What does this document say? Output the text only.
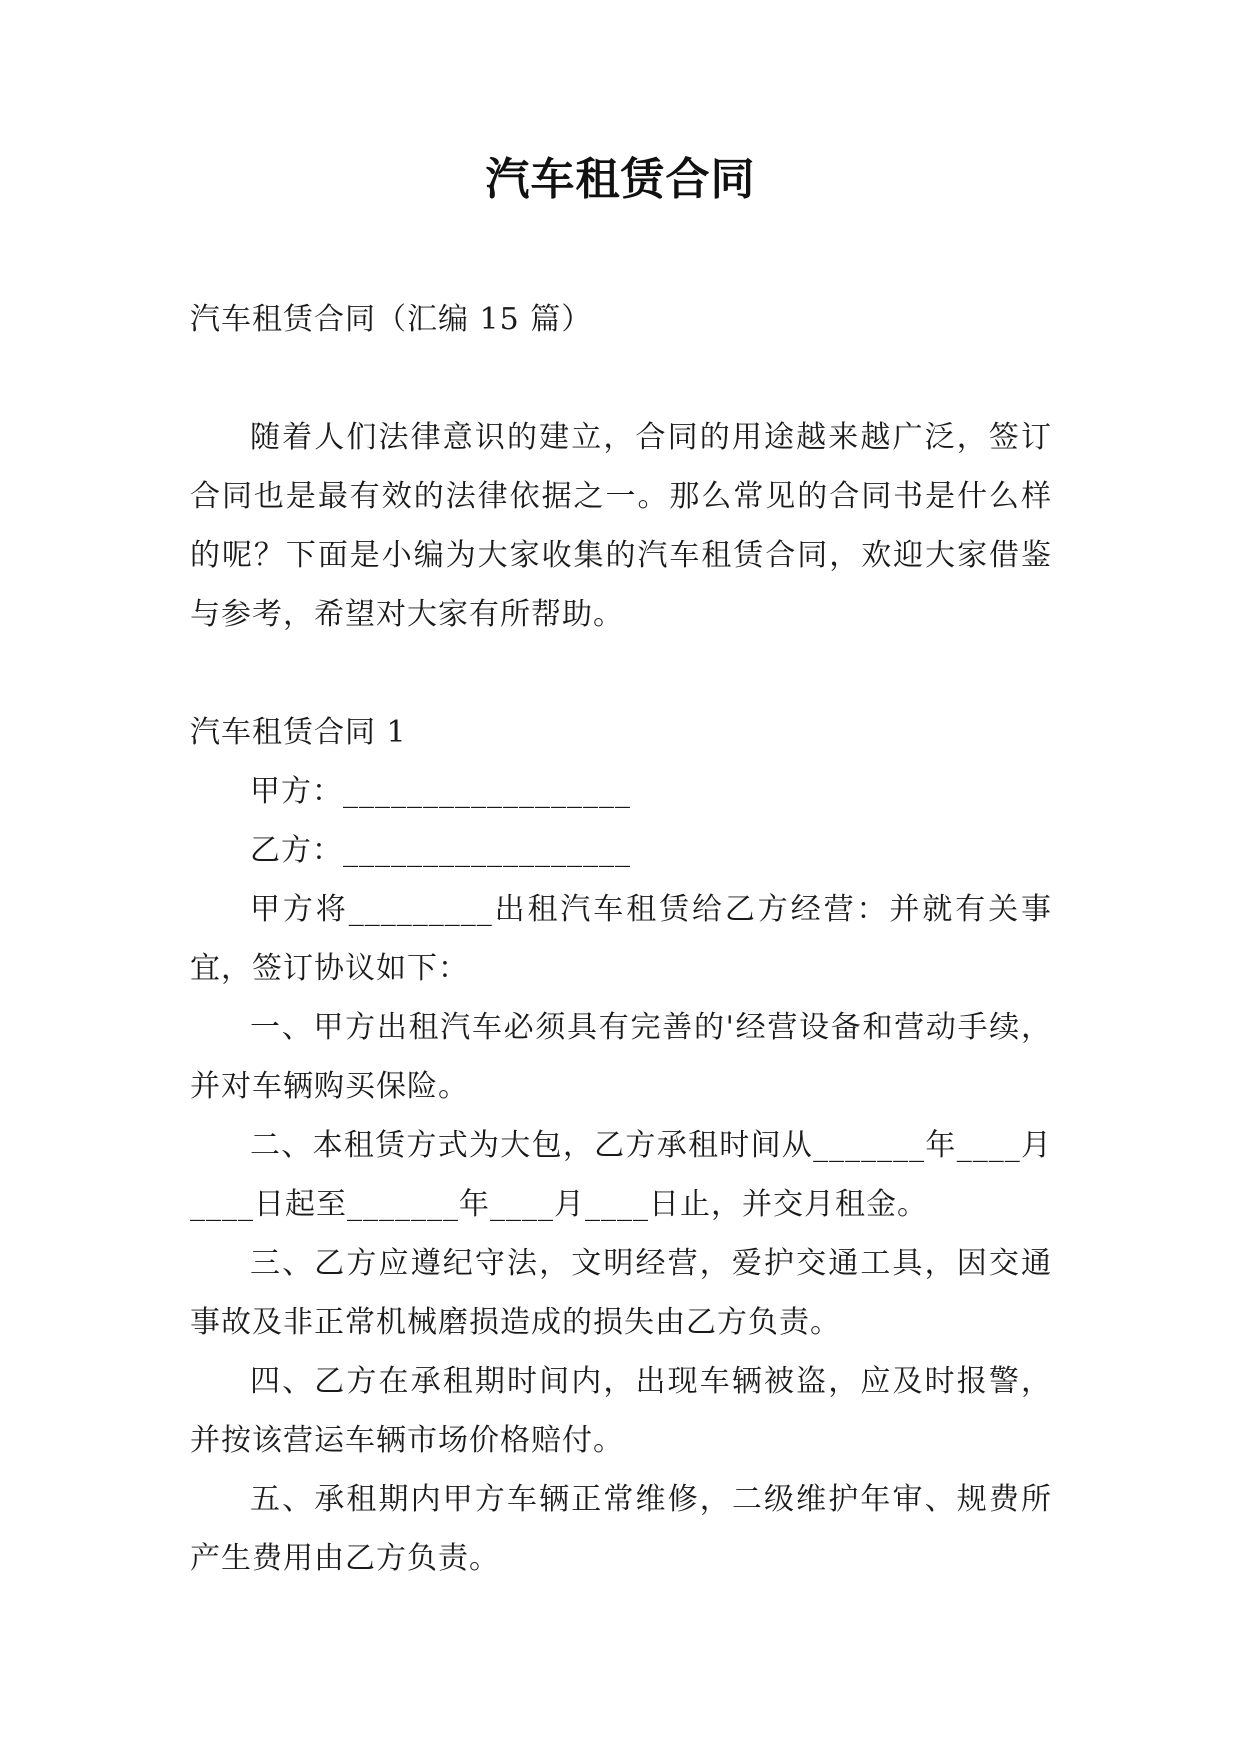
汽车租赁合同

汽车租赁合同（汇编 15 篇）

随着人们法律意识的建立，合同的用途越来越广泛，签订合同也是最有效的法律依据之一。那么常见的合同书是什么样的呢？下面是小编为大家收集的汽车租赁合同，欢迎大家借鉴与参考，希望对大家有所帮助。

汽车租赁合同 1

甲方：__________________

乙方：__________________

甲方将_________出租汽车租赁给乙方经营：并就有关事宜，签订协议如下：

一、甲方出租汽车必须具有完善的'经营设备和营动手续，并对车辆购买保险。

二、本租赁方式为大包，乙方承租时间从_______年____月____日起至_______年____月____日止，并交月租金。

三、乙方应遵纪守法，文明经营，爱护交通工具，因交通事故及非正常机械磨损造成的损失由乙方负责。

四、乙方在承租期时间内，出现车辆被盗，应及时报警，并按该营运车辆市场价格赔付。

五、承租期内甲方车辆正常维修，二级维护年审、规费所产生费用由乙方负责。
